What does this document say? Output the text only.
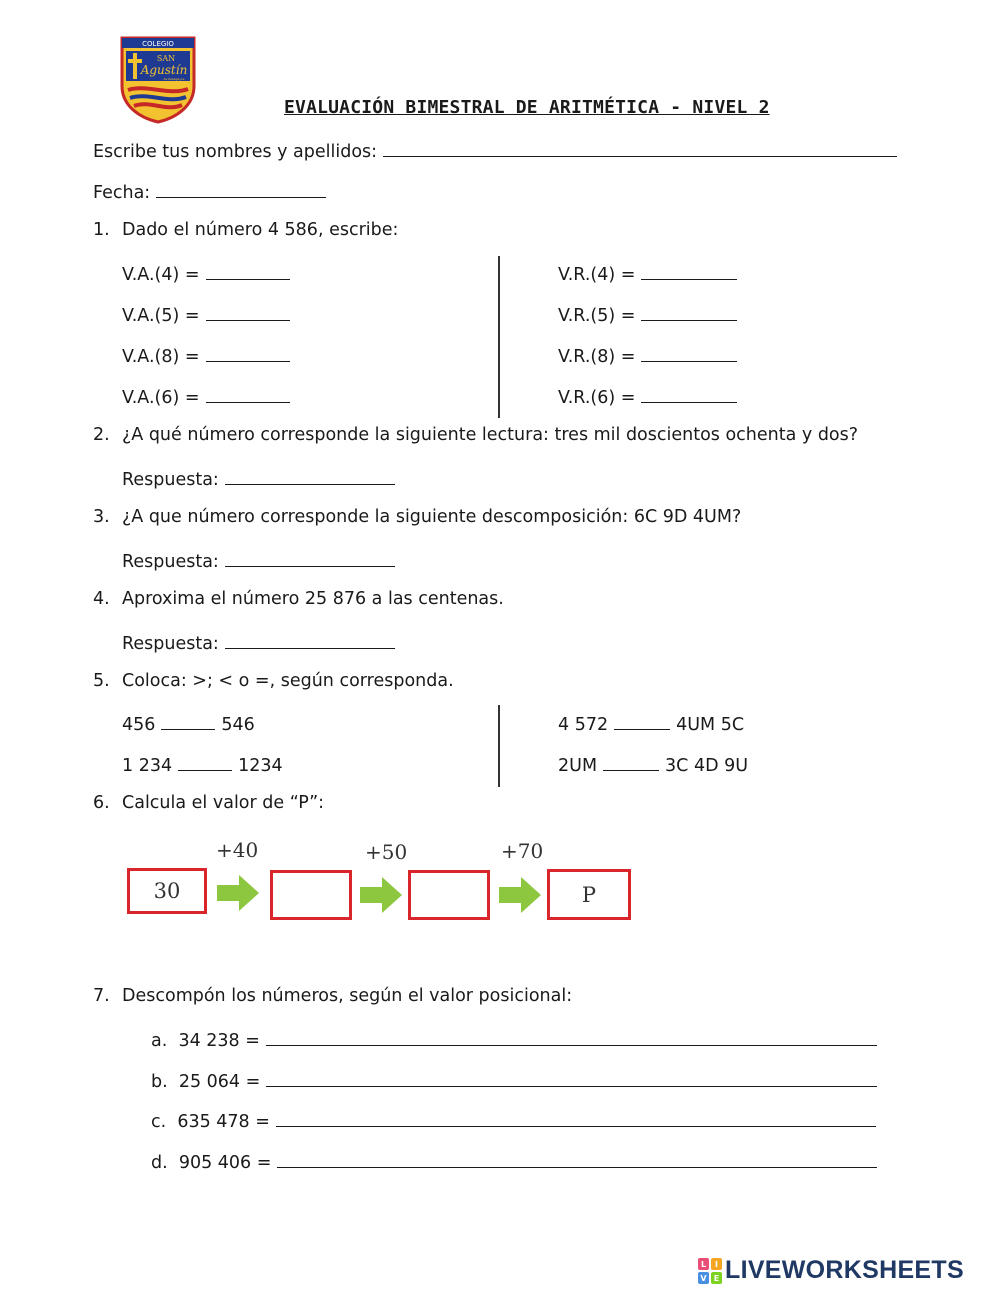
COLEGIO
SAN
Agustín
de Papagayos
EVALUACIÓN BIMESTRAL DE ARITMÉTICA - NIVEL 2
Escribe tus nombres y apellidos:
Fecha:
1. Dado el número 4 586, escribe:
V.A.(4) =
V.A.(5) =
V.A.(8) =
V.A.(6) =
V.R.(4) =
V.R.(5) =
V.R.(8) =
V.R.(6) =
2. ¿A qué número corresponde la siguiente lectura: tres mil doscientos ochenta y dos?
Respuesta:
3. ¿A que número corresponde la siguiente descomposición: 6C 9D 4UM?
Respuesta:
4. Aproxima el número 25 876 a las centenas.
Respuesta:
5. Coloca: >; < o =, según corresponda.
456	546
1 234	1234
4 572	4UM 5C
2UM	3C 4D 9U
6. Calcula el valor de “P”:
+40	+50	+70
30	P
7. Descompón los números, según el valor posicional:
a. 34 238 =
b. 25 064 =
c. 635 478 =
d. 905 406 =
L I
V E LIVEWORKSHEETS
